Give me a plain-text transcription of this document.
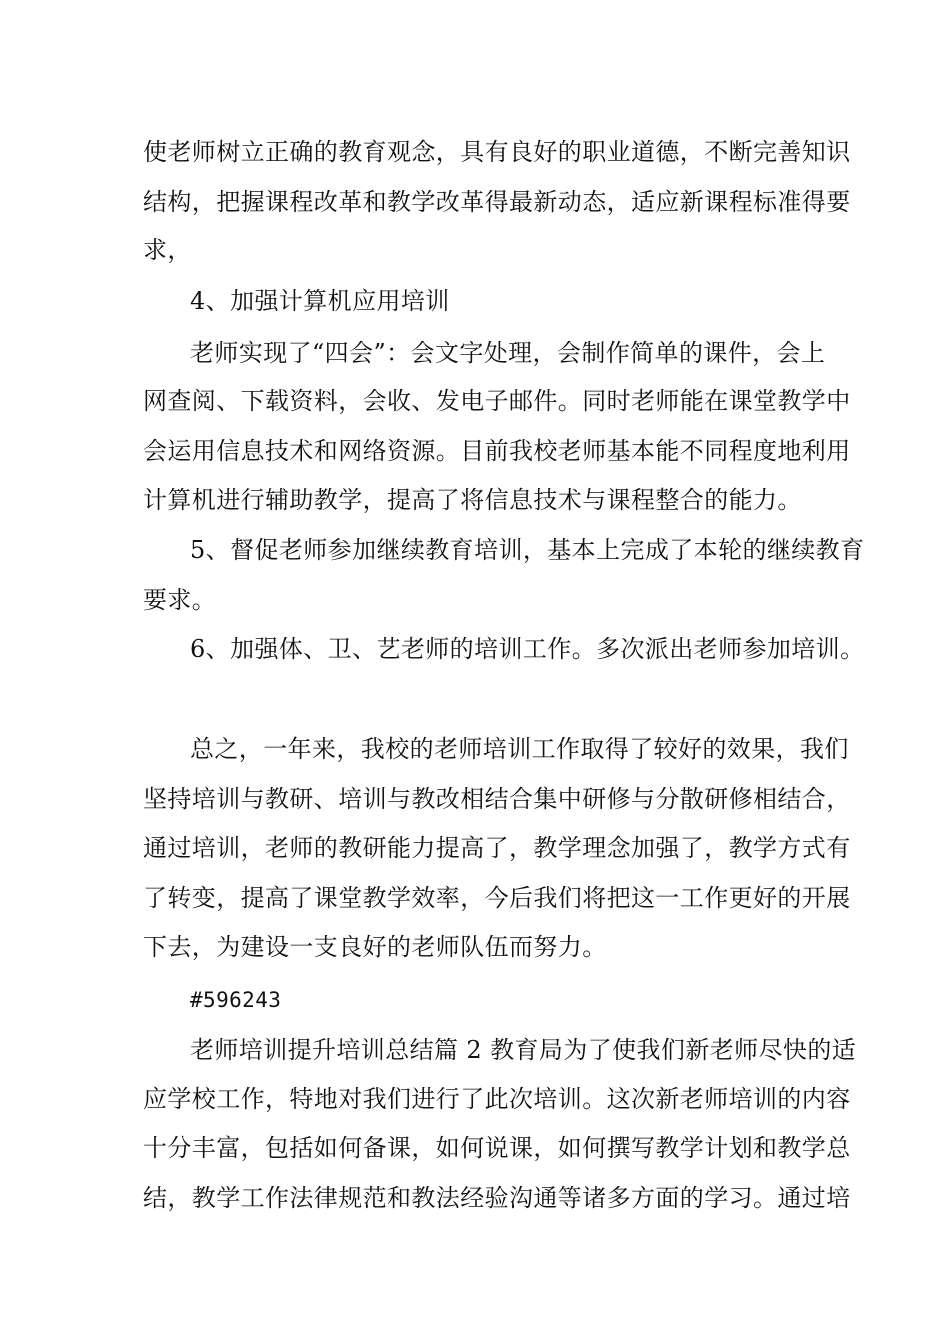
使老师树立正确的教育观念，具有良好的职业道德，不断完善知识
结构，把握课程改革和教学改革得最新动态，适应新课程标准得要
求，
4、加强计算机应用培训
老师实现了“四会”：会文字处理，会制作简单的课件，会上
网查阅、下载资料，会收、发电子邮件。同时老师能在课堂教学中
会运用信息技术和网络资源。目前我校老师基本能不同程度地利用
计算机进行辅助教学，提高了将信息技术与课程整合的能力。
5、督促老师参加继续教育培训，基本上完成了本轮的继续教育
要求。
6、加强体、卫、艺老师的培训工作。多次派出老师参加培训。
总之，一年来，我校的老师培训工作取得了较好的效果，我们
坚持培训与教研、培训与教改相结合集中研修与分散研修相结合，
通过培训，老师的教研能力提高了，教学理念加强了，教学方式有
了转变，提高了课堂教学效率，今后我们将把这一工作更好的开展
下去，为建设一支良好的老师队伍而努力。
#596243
老师培训提升培训总结篇 2 教育局为了使我们新老师尽快的适
应学校工作，特地对我们进行了此次培训。这次新老师培训的内容
十分丰富，包括如何备课，如何说课，如何撰写教学计划和教学总
结，教学工作法律规范和教法经验沟通等诸多方面的学习。通过培
